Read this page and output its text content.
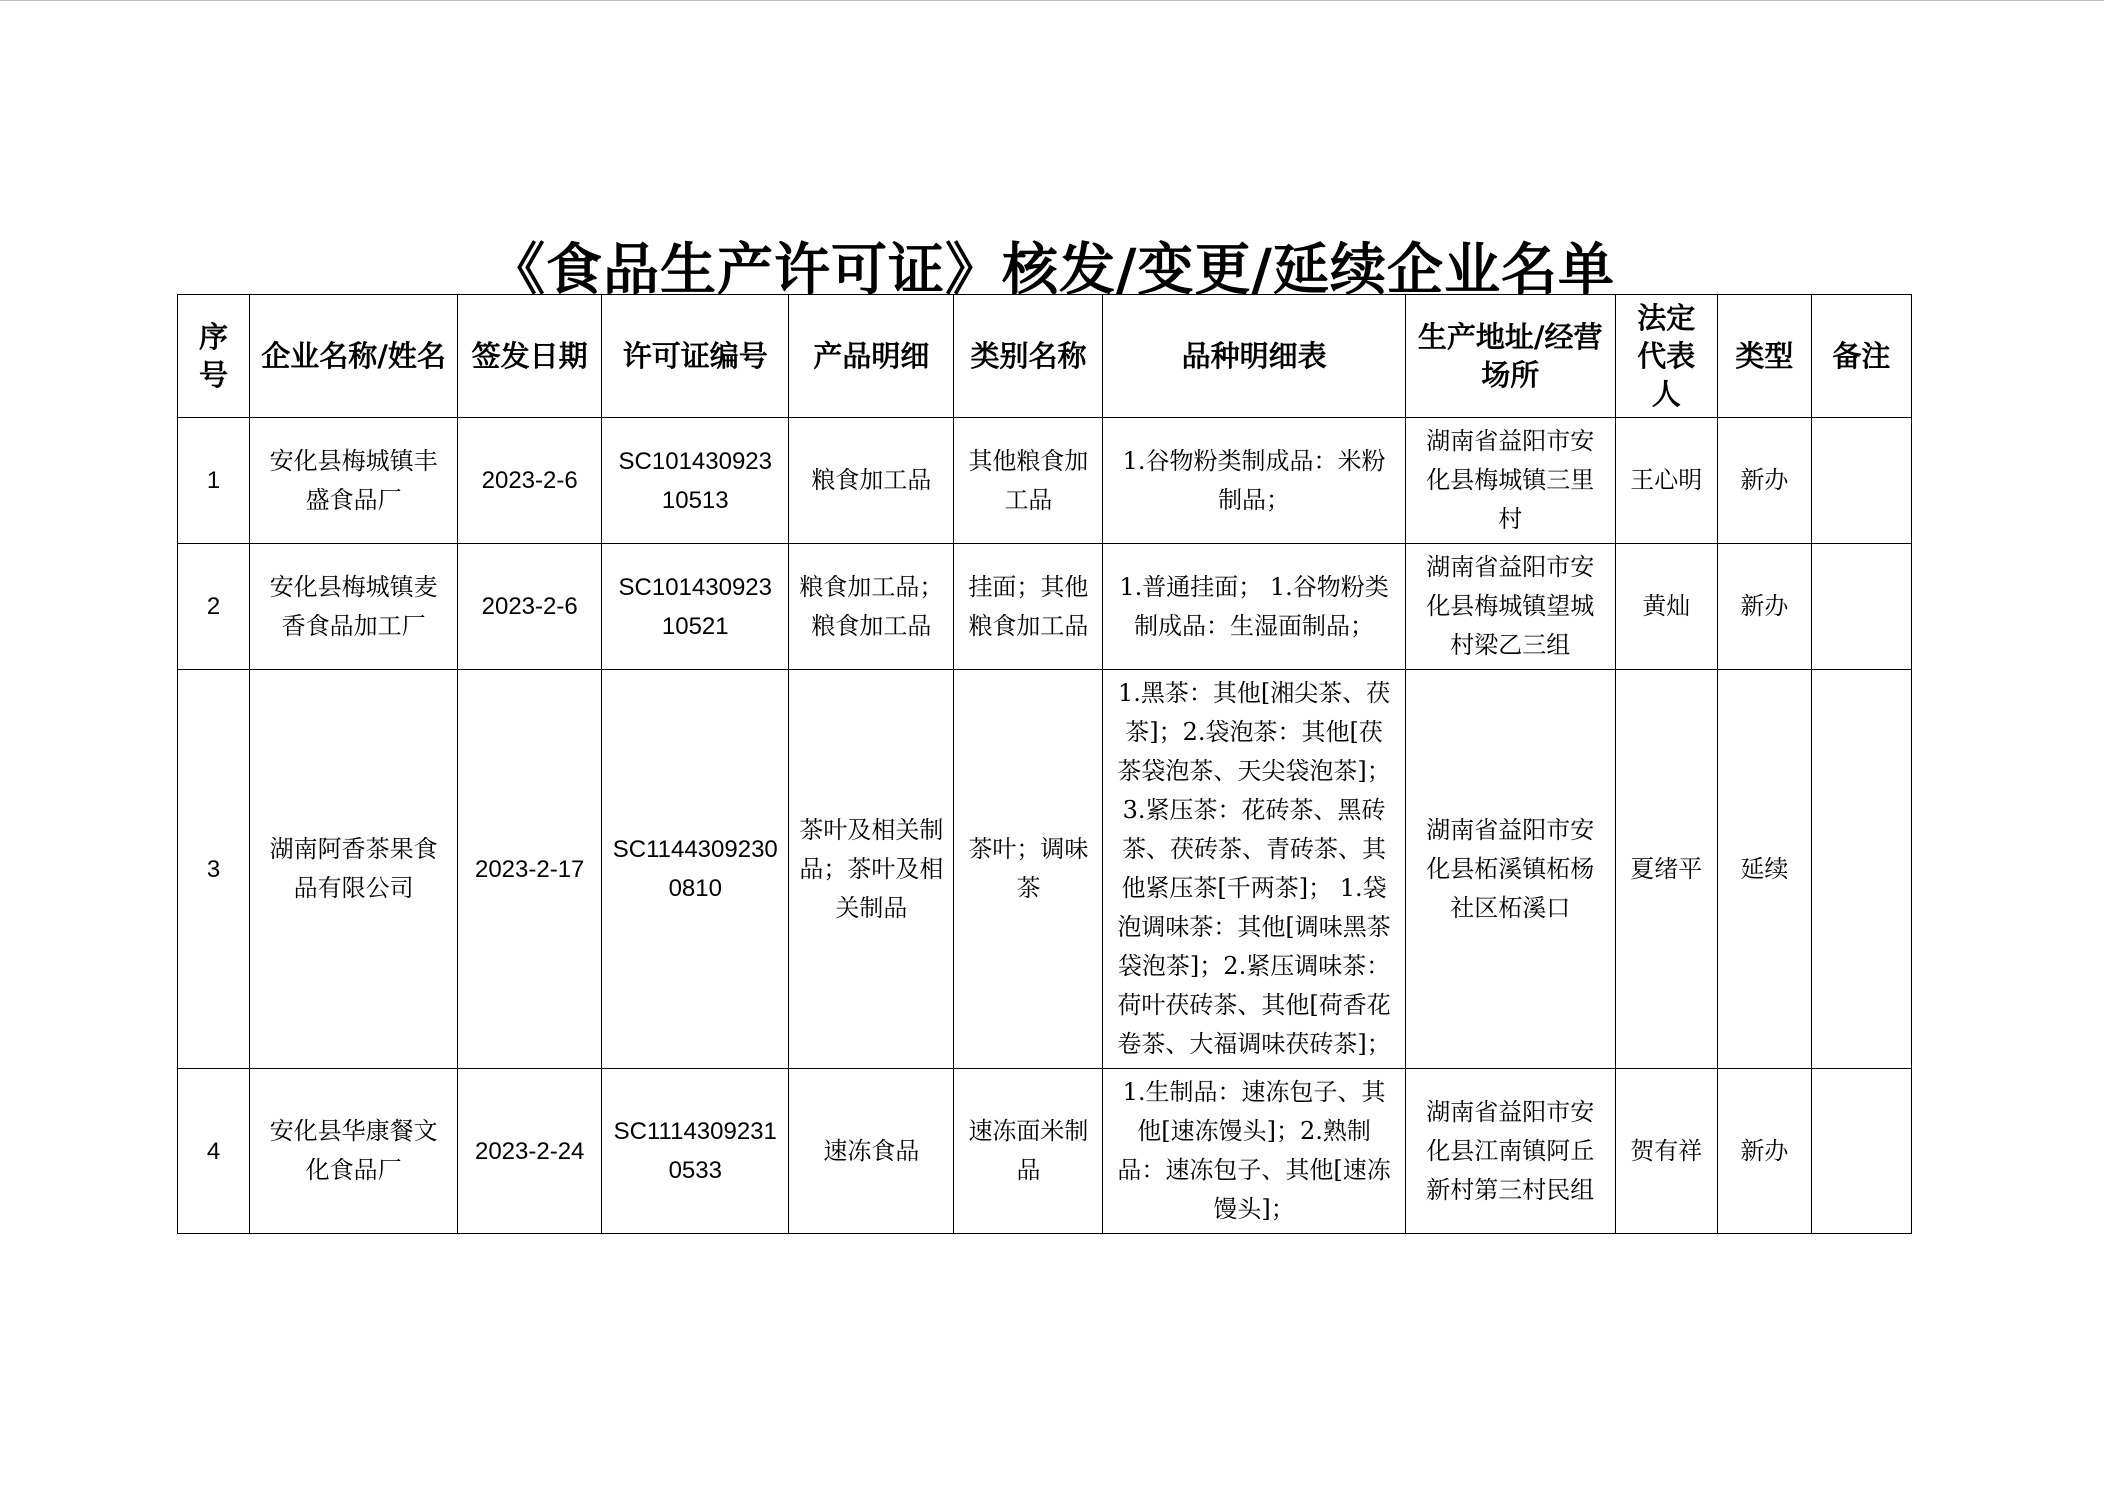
《食品生产许可证》核发/变更/延续企业名单
序号	企业名称/姓名	签发日期	许可证编号	产品明细	类别名称	品种明细表	生产地址/经营场所	法定代表人	类型	备注
1	安化县梅城镇丰盛食品厂	2023-2-6	SC10143092310513	粮食加工品	其他粮食加工品	1.谷物粉类制成品：米粉制品；	湖南省益阳市安化县梅城镇三里村	王心明	新办	
2	安化县梅城镇麦香食品加工厂	2023-2-6	SC10143092310521	粮食加工品；粮食加工品	挂面；其他粮食加工品	1.普通挂面； 1.谷物粉类制成品：生湿面制品；	湖南省益阳市安化县梅城镇望城村梁乙三组	黄灿	新办	
3	湖南阿香茶果食品有限公司	2023-2-17	SC11443092300810	茶叶及相关制品；茶叶及相关制品	茶叶；调味茶	1.黑茶：其他[湘尖茶、茯茶]；2.袋泡茶：其他[茯茶袋泡茶、天尖袋泡茶]；3.紧压茶：花砖茶、黑砖茶、茯砖茶、青砖茶、其他紧压茶[千两茶]； 1.袋泡调味茶：其他[调味黑茶袋泡茶]；2.紧压调味茶：荷叶茯砖茶、其他[荷香花卷茶、大福调味茯砖茶]；	湖南省益阳市安化县柘溪镇柘杨社区柘溪口	夏绪平	延续	
4	安化县华康餐文化食品厂	2023-2-24	SC11143092310533	速冻食品	速冻面米制品	1.生制品：速冻包子、其他[速冻馒头]；2.熟制品：速冻包子、其他[速冻馒头]；	湖南省益阳市安化县江南镇阿丘新村第三村民组	贺有祥	新办	
